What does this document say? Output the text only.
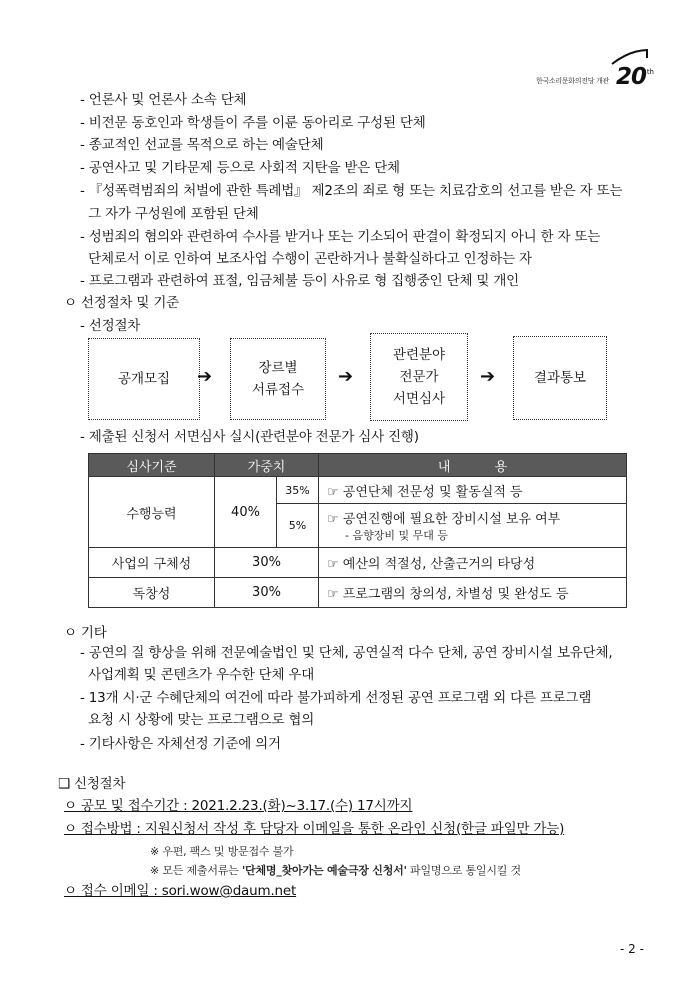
한국소리문화의전당 개관 20 th
- 언론사 및 언론사 소속 단체
- 비전문 동호인과 학생들이 주를 이룬 동아리로 구성된 단체
- 종교적인 선교를 목적으로 하는 예술단체
- 공연사고 및 기타문제 등으로 사회적 지탄을 받은 단체
- 『성폭력범죄의 처벌에 관한 특례법』 제2조의 죄로 형 또는 치료감호의 선고를 받은 자 또는
그 자가 구성원에 포함된 단체
- 성범죄의 혐의와 관련하여 수사를 받거나 또는 기소되어 판결이 확정되지 아니 한 자 또는
단체로서 이로 인하여 보조사업 수행이 곤란하거나 불확실하다고 인정하는 자
- 프로그램과 관련하여 표절, 임금체불 등이 사유로 형 집행중인 단체 및 개인
ㅇ 선정절차 및 기준
- 선정절차
공개모집 ➔	장르별
서류접수
➔
관련분야
전문가
서면심사
➔	결과통보
- 제출된 신청서 서면심사 실시(관련분야 전문가 심사 진행)
심사기준	가중치		내 용
수행능력	40%	35%	☞ 공연단체 전문성 및 활동실적 등
		5%	☞ 공연진행에 필요한 장비시설 보유 여부
- 음향장비 및 무대 등

사업의 구체성	30%		☞ 예산의 적절성, 산출근거의 타당성
독창성	30%		☞ 프로그램의 창의성, 차별성 및 완성도 등
ㅇ 기타
- 공연의 질 향상을 위해 전문예술법인 및 단체, 공연실적 다수 단체, 공연 장비시설 보유단체,
사업계획 및 콘텐츠가 우수한 단체 우대
- 13개 시·군 수혜단체의 여건에 따라 불가피하게 선정된 공연 프로그램 외 다른 프로그램
요청 시 상황에 맞는 프로그램으로 협의
- 기타사항은 자체선정 기준에 의거
❑ 신청절차
ㅇ 공모 및 접수기간 : 2021.2.23.(화)~3.17.(수) 17시까지
ㅇ 접수방법 : 지원신청서 작성 후 담당자 이메일을 통한 온라인 신청(한글 파일만 가능)
※ 우편, 팩스 및 방문접수 불가
※ 모든 제출서류는 '단체명_찾아가는 예술극장 신청서' 파일명으로 통일시킬 것
ㅇ 접수 이메일 : sori.wow@daum.net
- 2 -
